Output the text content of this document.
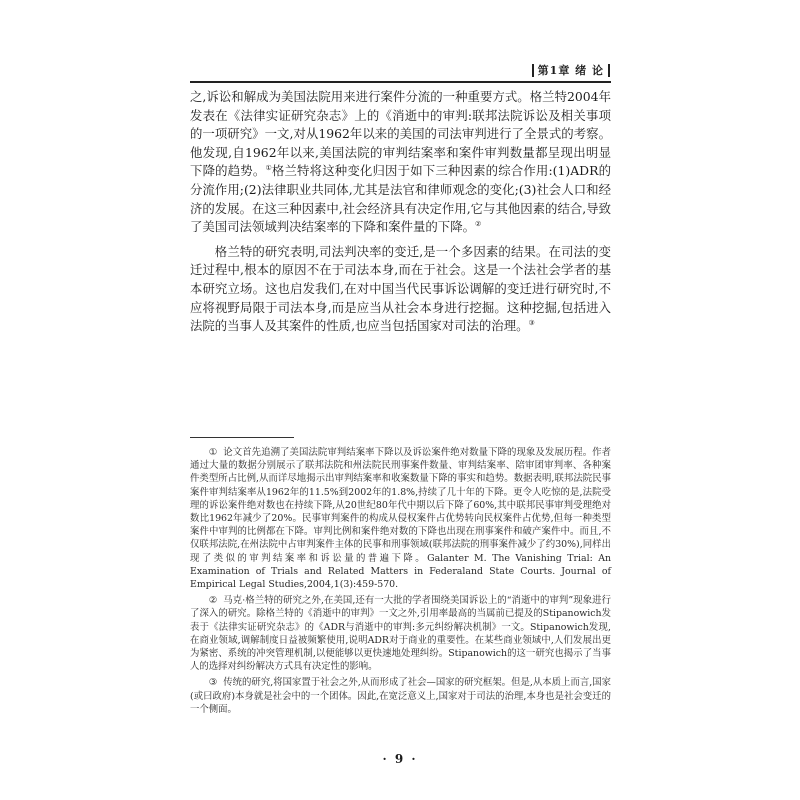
第1章 绪 论

之,诉讼和解成为美国法院用来进行案件分流的一种重要方式。格兰特2004年发表在《法律实证研究杂志》上的《消逝中的审判:联邦法院诉讼及相关事项的一项研究》一文,对从1962年以来的美国的司法审判进行了全景式的考察。他发现,自1962年以来,美国法院的审判结案率和案件审判数量都呈现出明显下降的趋势。①格兰特将这种变化归因于如下三种因素的综合作用:(1)ADR的分流作用;(2)法律职业共同体,尤其是法官和律师观念的变化;(3)社会人口和经济的发展。在这三种因素中,社会经济具有决定作用,它与其他因素的结合,导致了美国司法领域判决结案率的下降和案件量的下降。②

格兰特的研究表明,司法判决率的变迁,是一个多因素的结果。在司法的变迁过程中,根本的原因不在于司法本身,而在于社会。这是一个法社会学者的基本研究立场。这也启发我们,在对中国当代民事诉讼调解的变迁进行研究时,不应将视野局限于司法本身,而是应当从社会本身进行挖掘。这种挖掘,包括进入法院的当事人及其案件的性质,也应当包括国家对司法的治理。③

① 论文首先追溯了美国法院审判结案率下降以及诉讼案件绝对数量下降的现象及发展历程。作者通过大量的数据分别展示了联邦法院和州法院民刑事案件数量、审判结案率、陪审团审判率、各种案件类型所占比例,从而详尽地揭示出审判结案率和收案数量下降的事实和趋势。数据表明,联邦法院民事案件审判结案率从1962年的11.5%到2002年的1.8%,持续了几十年的下降。更令人吃惊的是,法院受理的诉讼案件绝对数也在持续下降,从20世纪80年代中期以后下降了60%,其中联邦民事审判受理绝对数比1962年减少了20%。民事审判案件的构成从侵权案件占优势转向民权案件占优势,但每一种类型案件中审判的比例都在下降。审判比例和案件绝对数的下降也出现在刑事案件和破产案件中。而且,不仅联邦法院,在州法院中占审判案件主体的民事和刑事领域(联邦法院的刑事案件减少了约30%),同样出现了类似的审判结案率和诉讼量的普遍下降。Galanter M. The Vanishing Trial: An Examination of Trials and Related Matters in Federaland State Courts. Journal of Empirical Legal Studies,2004,1(3):459-570.

② 马克·格兰特的研究之外,在美国,还有一大批的学者围绕美国诉讼上的“消逝中的审判”现象进行了深入的研究。除格兰特的《消逝中的审判》一文之外,引用率最高的当属前已提及的Stipanowich发表于《法律实证研究杂志》的《ADR与消逝中的审判:多元纠纷解决机制》一文。Stipanowich发现,在商业领域,调解制度日益被频繁使用,说明ADR对于商业的重要性。在某些商业领域中,人们发展出更为紧密、系统的冲突管理机制,以便能够以更快速地处理纠纷。Stipanowich的这一研究也揭示了当事人的选择对纠纷解决方式具有决定性的影响。

③ 传统的研究,将国家置于社会之外,从而形成了社会—国家的研究框架。但是,从本质上而言,国家(或曰政府)本身就是社会中的一个团体。因此,在宽泛意义上,国家对于司法的治理,本身也是社会变迁的一个侧面。

· 9 ·
